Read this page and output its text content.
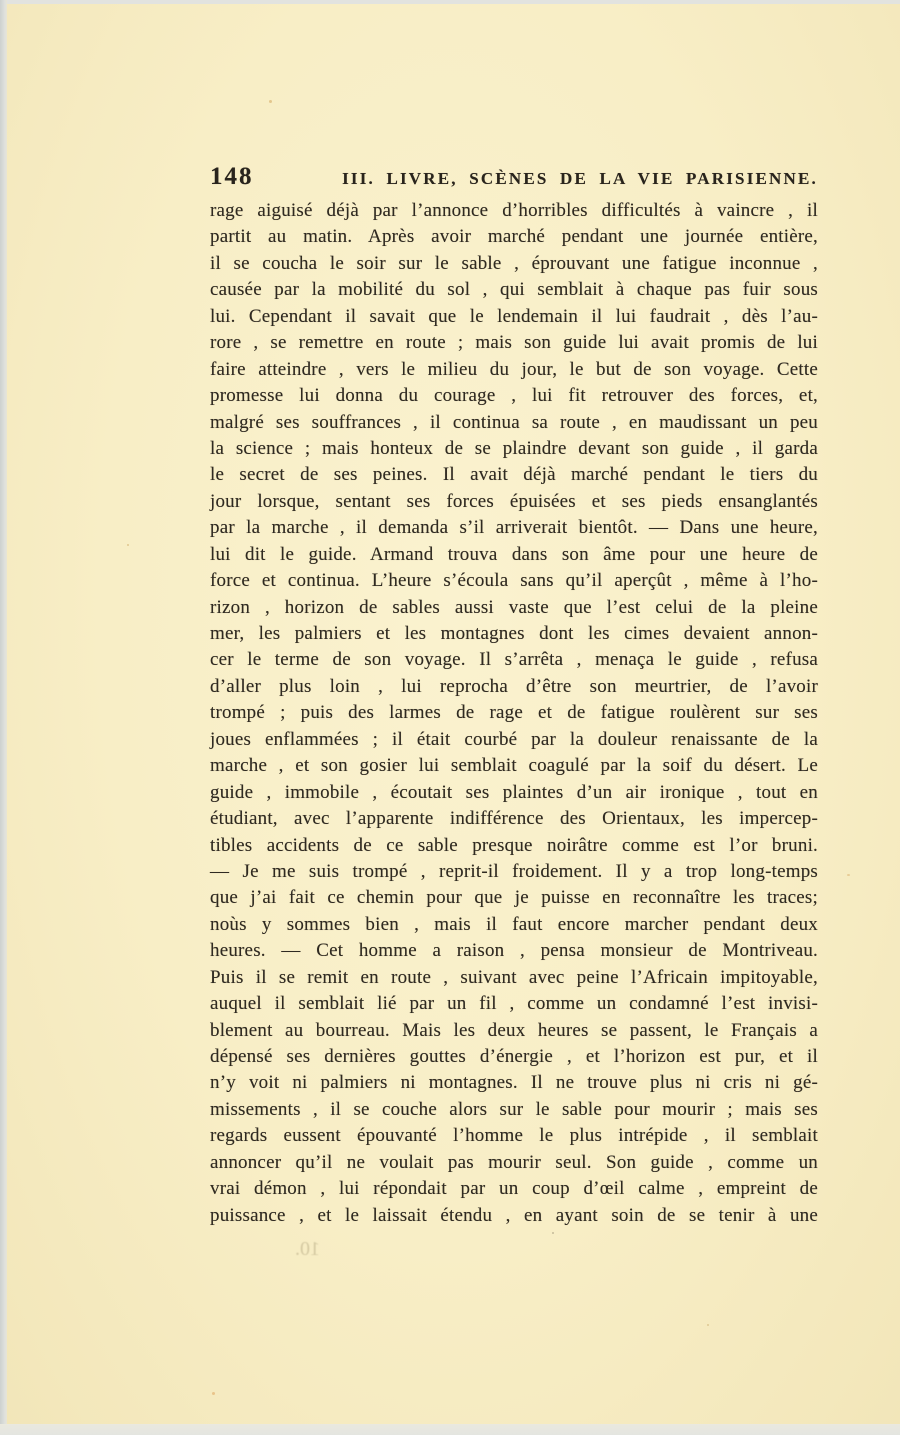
148	III. LIVRE, SCÈNES DE LA VIE PARISIENNE.
rage aiguisé déjà par l’annonce d’horribles difficultés à vaincre , il
partit au matin. Après avoir marché pendant une journée entière,
il se coucha le soir sur le sable , éprouvant une fatigue inconnue ,
causée par la mobilité du sol , qui semblait à chaque pas fuir sous
lui. Cependant il savait que le lendemain il lui faudrait , dès l’au-
rore , se remettre en route ; mais son guide lui avait promis de lui
faire atteindre , vers le milieu du jour, le but de son voyage. Cette
promesse lui donna du courage , lui fit retrouver des forces, et,
malgré ses souffrances , il continua sa route , en maudissant un peu
la science ; mais honteux de se plaindre devant son guide , il garda
le secret de ses peines. Il avait déjà marché pendant le tiers du
jour lorsque, sentant ses forces épuisées et ses pieds ensanglantés
par la marche , il demanda s’il arriverait bientôt. — Dans une heure,
lui dit le guide. Armand trouva dans son âme pour une heure de
force et continua. L’heure s’écoula sans qu’il aperçût , même à l’ho-
rizon , horizon de sables aussi vaste que l’est celui de la pleine
mer, les palmiers et les montagnes dont les cimes devaient annon-
cer le terme de son voyage. Il s’arrêta , menaça le guide , refusa
d’aller plus loin , lui reprocha d’être son meurtrier, de l’avoir
trompé ; puis des larmes de rage et de fatigue roulèrent sur ses
joues enflammées ; il était courbé par la douleur renaissante de la
marche , et son gosier lui semblait coagulé par la soif du désert. Le
guide , immobile , écoutait ses plaintes d’un air ironique , tout en
étudiant, avec l’apparente indifférence des Orientaux, les impercep-
tibles accidents de ce sable presque noirâtre comme est l’or bruni.
— Je me suis trompé , reprit-il froidement. Il y a trop long-temps
que j’ai fait ce chemin pour que je puisse en reconnaître les traces;
noùs y sommes bien , mais il faut encore marcher pendant deux
heures. — Cet homme a raison , pensa monsieur de Montriveau.
Puis il se remit en route , suivant avec peine l’Africain impitoyable,
auquel il semblait lié par un fil , comme un condamné l’est invisi-
blement au bourreau. Mais les deux heures se passent, le Français a
dépensé ses dernières gouttes d’énergie , et l’horizon est pur, et il
n’y voit ni palmiers ni montagnes. Il ne trouve plus ni cris ni gé-
missements , il se couche alors sur le sable pour mourir ; mais ses
regards eussent épouvanté l’homme le plus intrépide , il semblait
annoncer qu’il ne voulait pas mourir seul. Son guide , comme un
vrai démon , lui répondait par un coup d’œil calme , empreint de
puissance , et le laissait étendu , en ayant soin de se tenir à une
10.
